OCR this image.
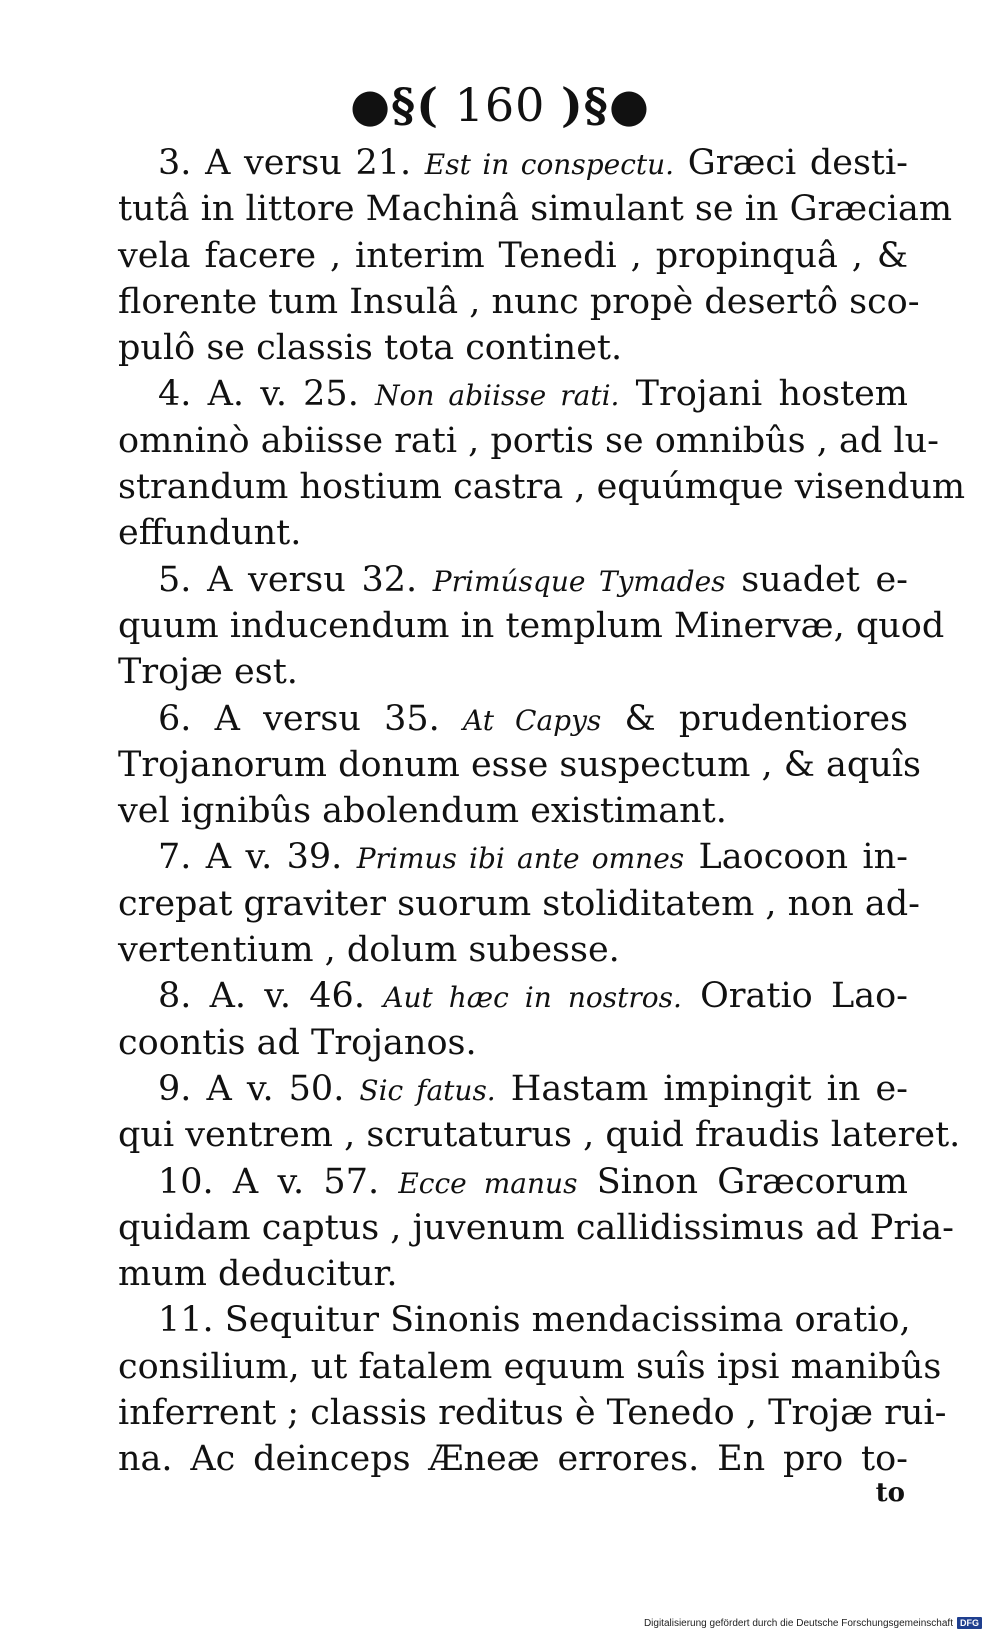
●§( 160 )§●
3. A versu 21. Est in conspectu. Græci desti-
tutâ in littore Machinâ simulant se in Græciam
vela facere , interim Tenedi , propinquâ , &
florente tum Insulâ , nunc propè desertô sco-
pulô se classis tota continet.
4. A. v. 25. Non abiisse rati. Trojani hostem
omninò abiisse rati , portis se omnibûs , ad lu-
strandum hostium castra , equúmque visendum
effundunt.
5. A versu 32. Primúsque Tymades suadet e-
quum inducendum in templum Minervæ, quod
Trojæ est.
6. A versu 35. At Capys & prudentiores
Trojanorum donum esse suspectum , & aquîs
vel ignibûs abolendum existimant.
7. A v. 39. Primus ibi ante omnes Laocoon in-
crepat graviter suorum stoliditatem , non ad-
vertentium , dolum subesse.
8. A. v. 46. Aut hæc in nostros. Oratio Lao-
coontis ad Trojanos.
9. A v. 50. Sic fatus. Hastam impingit in e-
qui ventrem , scrutaturus , quid fraudis lateret.
10. A v. 57. Ecce manus Sinon Græcorum
quidam captus , juvenum callidissimus ad Pria-
mum deducitur.
11. Sequitur Sinonis mendacissima oratio,
consilium, ut fatalem equum suîs ipsi manibûs
inferrent ; classis reditus è Tenedo , Trojæ rui-
na. Ac deinceps Æneæ errores. En pro to-
to
Digitalisierung gefördert durch die Deutsche Forschungsgemeinschaft DFG
